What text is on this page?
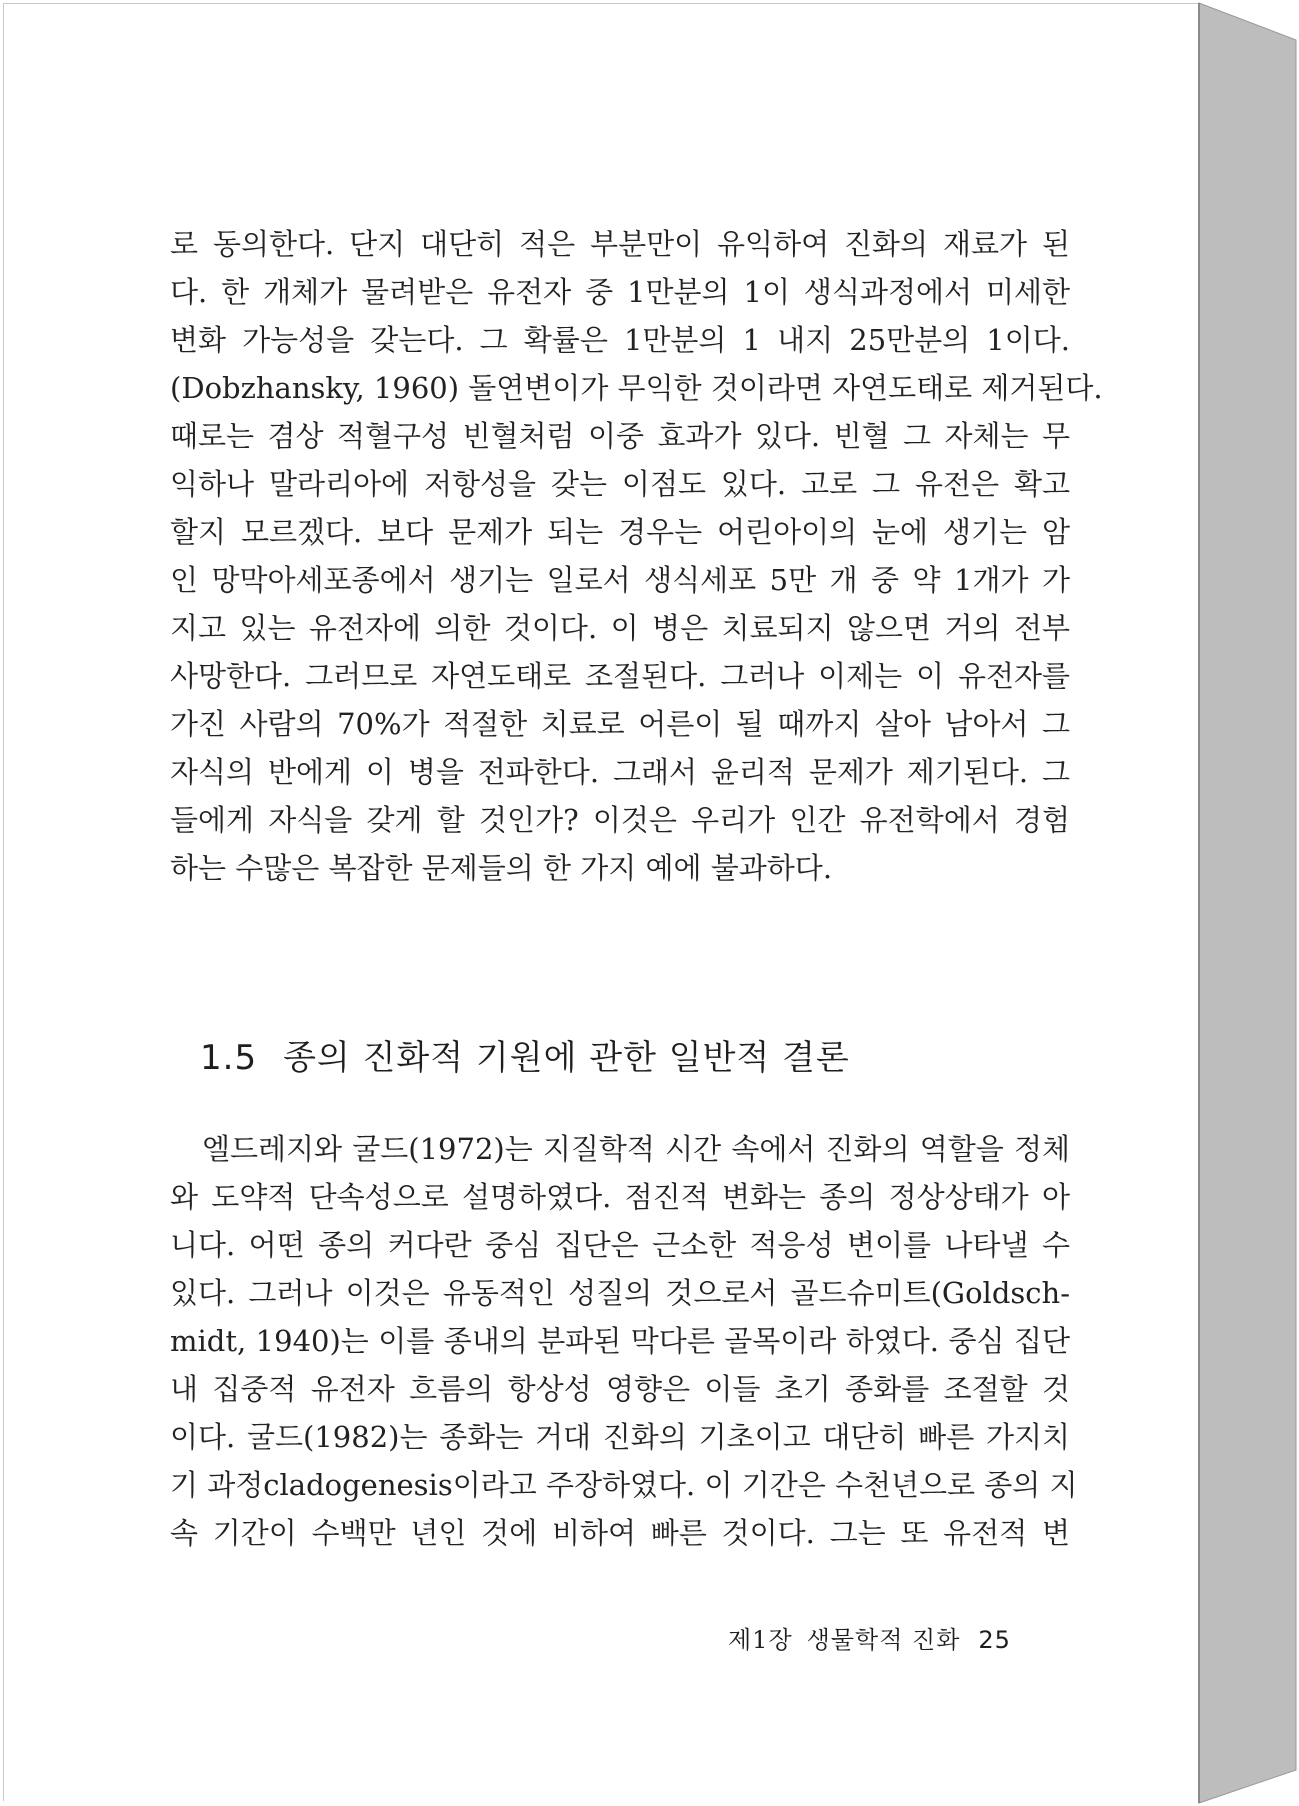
로 동의한다. 단지 대단히 적은 부분만이 유익하여 진화의 재료가 된
다. 한 개체가 물려받은 유전자 중 1만분의 1이 생식과정에서 미세한
변화 가능성을 갖는다. 그 확률은 1만분의 1 내지 25만분의 1이다.
(Dobzhansky, 1960) 돌연변이가 무익한 것이라면 자연도태로 제거된다.
때로는 겸상 적혈구성 빈혈처럼 이중 효과가 있다. 빈혈 그 자체는 무
익하나 말라리아에 저항성을 갖는 이점도 있다. 고로 그 유전은 확고
할지 모르겠다. 보다 문제가 되는 경우는 어린아이의 눈에 생기는 암
인 망막아세포종에서 생기는 일로서 생식세포 5만 개 중 약 1개가 가
지고 있는 유전자에 의한 것이다. 이 병은 치료되지 않으면 거의 전부
사망한다. 그러므로 자연도태로 조절된다. 그러나 이제는 이 유전자를
가진 사람의 70%가 적절한 치료로 어른이 될 때까지 살아 남아서 그
자식의 반에게 이 병을 전파한다. 그래서 윤리적 문제가 제기된다. 그
들에게 자식을 갖게 할 것인가? 이것은 우리가 인간 유전학에서 경험
하는 수많은 복잡한 문제들의 한 가지 예에 불과하다.
1.5 종의 진화적 기원에 관한 일반적 결론
엘드레지와 굴드(1972)는 지질학적 시간 속에서 진화의 역할을 정체
와 도약적 단속성으로 설명하였다. 점진적 변화는 종의 정상상태가 아
니다. 어떤 종의 커다란 중심 집단은 근소한 적응성 변이를 나타낼 수
있다. 그러나 이것은 유동적인 성질의 것으로서 골드슈미트(Goldsch-
midt, 1940)는 이를 종내의 분파된 막다른 골목이라 하였다. 중심 집단
내 집중적 유전자 흐름의 항상성 영향은 이들 초기 종화를 조절할 것
이다. 굴드(1982)는 종화는 거대 진화의 기초이고 대단히 빠른 가지치
기 과정cladogenesis이라고 주장하였다. 이 기간은 수천년으로 종의 지
속 기간이 수백만 년인 것에 비하여 빠른 것이다. 그는 또 유전적 변
제1장 생물학적 진화 25
